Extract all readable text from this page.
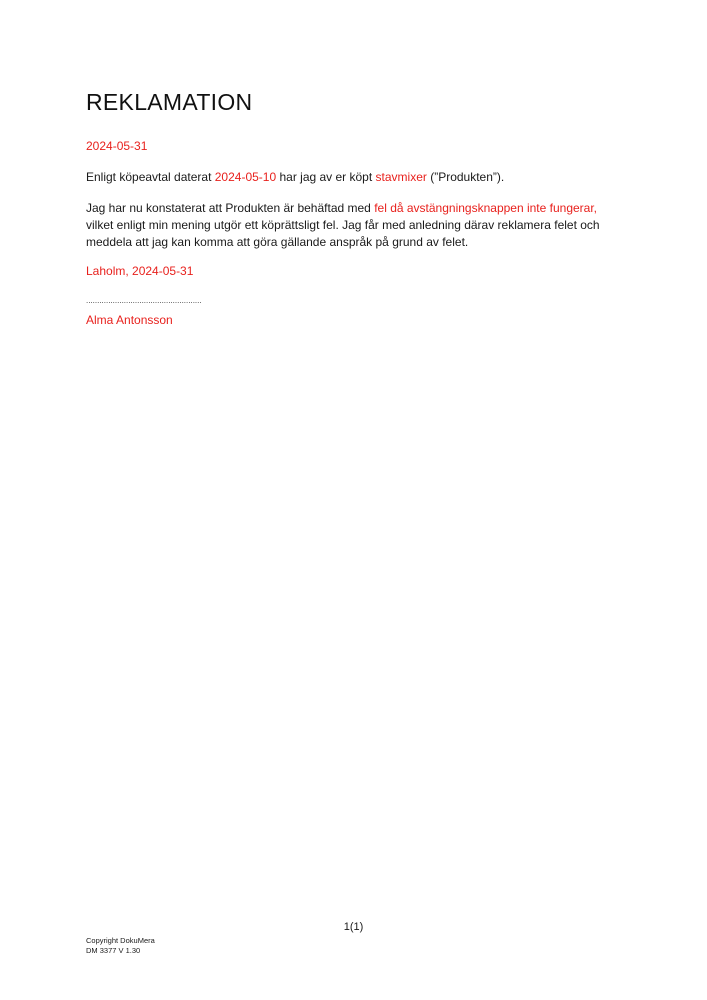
REKLAMATION
2024-05-31

Enligt köpeavtal daterat 2024-05-10 har jag av er köpt stavmixer (”Produkten”).

Jag har nu konstaterat att Produkten är behäftad med fel då avstängningsknappen inte fungerar, vilket enligt min mening utgör ett köprättsligt fel. Jag får med anledning därav reklamera felet och meddela att jag kan komma att göra gällande anspråk på grund av felet.

Laholm, 2024-05-31
....................................................
Alma Antonsson
1(1)
Copyright DokuMera
DM 3377 V 1.30
